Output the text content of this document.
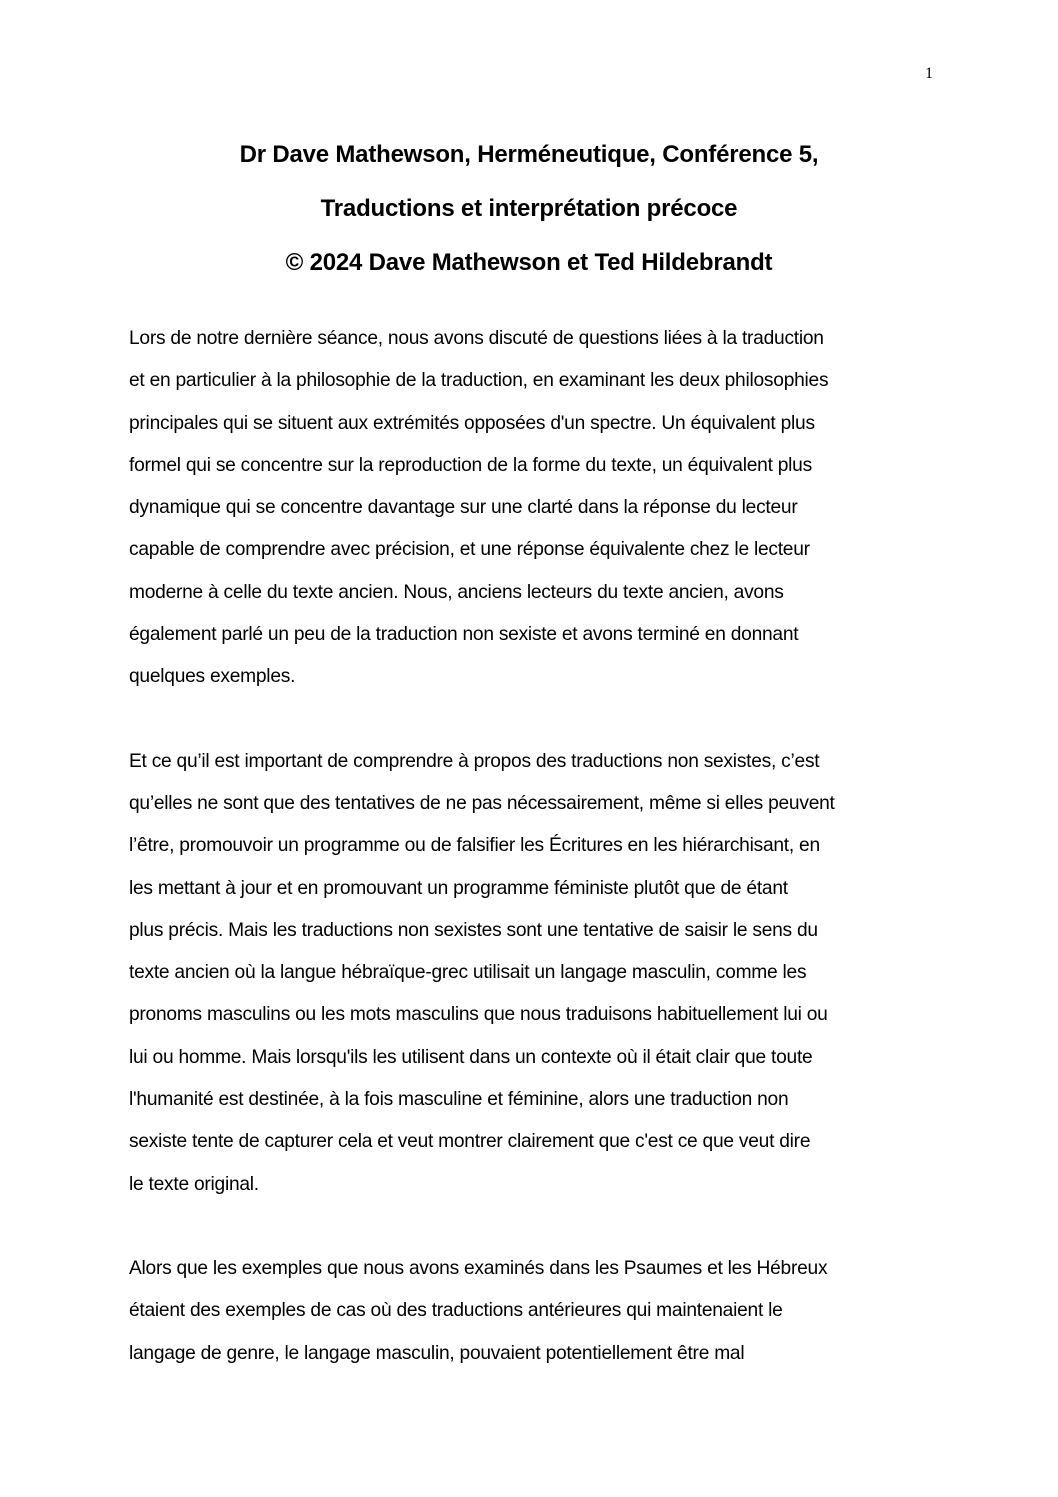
1
Dr Dave Mathewson, Herméneutique, Conférence 5,
Traductions et interprétation précoce
© 2024 Dave Mathewson et Ted Hildebrandt

Lors de notre dernière séance, nous avons discuté de questions liées à la traduction
et en particulier à la philosophie de la traduction, en examinant les deux philosophies
principales qui se situent aux extrémités opposées d'un spectre. Un équivalent plus
formel qui se concentre sur la reproduction de la forme du texte, un équivalent plus
dynamique qui se concentre davantage sur une clarté dans la réponse du lecteur
capable de comprendre avec précision, et une réponse équivalente chez le lecteur
moderne à celle du texte ancien. Nous, anciens lecteurs du texte ancien, avons
également parlé un peu de la traduction non sexiste et avons terminé en donnant
quelques exemples.

Et ce qu’il est important de comprendre à propos des traductions non sexistes, c’est
qu’elles ne sont que des tentatives de ne pas nécessairement, même si elles peuvent
l’être, promouvoir un programme ou de falsifier les Écritures en les hiérarchisant, en
les mettant à jour et en promouvant un programme féministe plutôt que de étant
plus précis. Mais les traductions non sexistes sont une tentative de saisir le sens du
texte ancien où la langue hébraïque-grec utilisait un langage masculin, comme les
pronoms masculins ou les mots masculins que nous traduisons habituellement lui ou
lui ou homme. Mais lorsqu'ils les utilisent dans un contexte où il était clair que toute
l'humanité est destinée, à la fois masculine et féminine, alors une traduction non
sexiste tente de capturer cela et veut montrer clairement que c'est ce que veut dire
le texte original.

Alors que les exemples que nous avons examinés dans les Psaumes et les Hébreux
étaient des exemples de cas où des traductions antérieures qui maintenaient le
langage de genre, le langage masculin, pouvaient potentiellement être mal
